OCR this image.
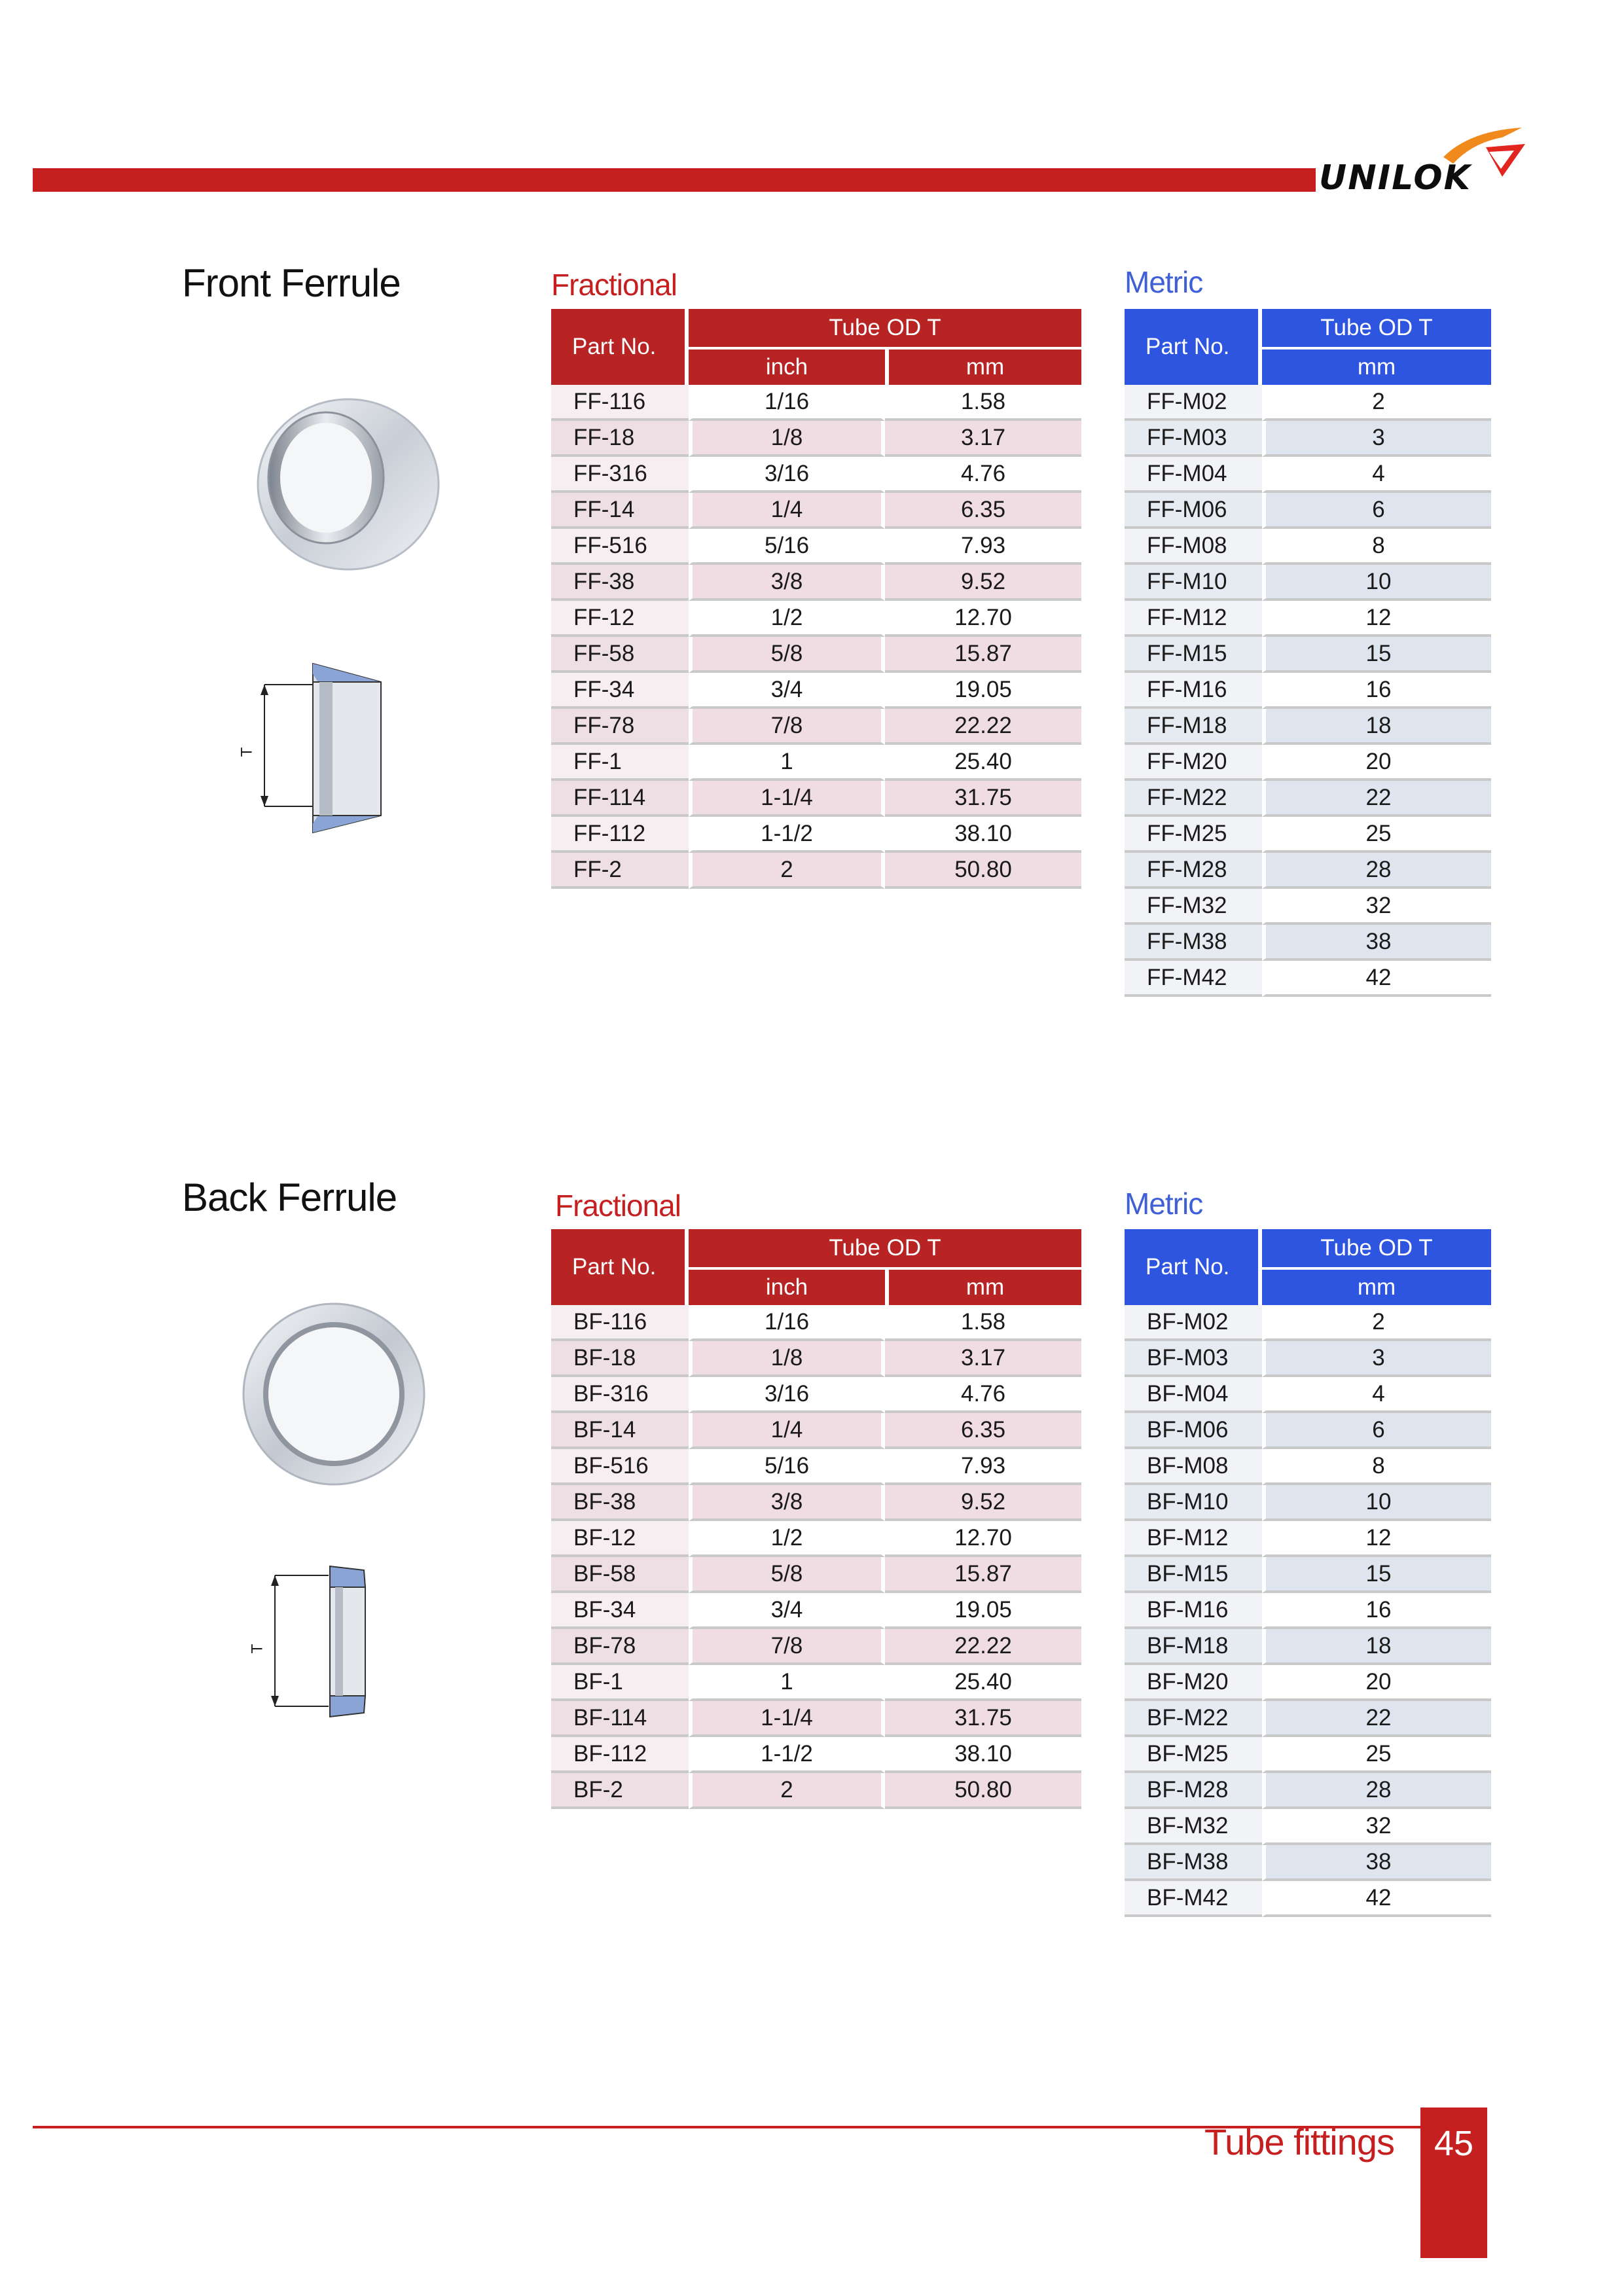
UNILOK
Front Ferrule
T
Fractional
Part No.	Tube OD T	
	inch	mm
FF-116	1/16	1.58
FF-18	1/8	3.17
FF-316	3/16	4.76
FF-14	1/4	6.35
FF-516	5/16	7.93
FF-38	3/8	9.52
FF-12	1/2	12.70
FF-58	5/8	15.87
FF-34	3/4	19.05
FF-78	7/8	22.22
FF-1	1	25.40
FF-114	1-1/4	31.75
FF-112	1-1/2	38.10
FF-2	2	50.80
Metric
Part No.	Tube OD T
	mm
FF-M02	2
FF-M03	3
FF-M04	4
FF-M06	6
FF-M08	8
FF-M10	10
FF-M12	12
FF-M15	15
FF-M16	16
FF-M18	18
FF-M20	20
FF-M22	22
FF-M25	25
FF-M28	28
FF-M32	32
FF-M38	38
FF-M42	42
Back Ferrule
T
Fractional
Part No.	Tube OD T	
	inch	mm
BF-116	1/16	1.58
BF-18	1/8	3.17
BF-316	3/16	4.76
BF-14	1/4	6.35
BF-516	5/16	7.93
BF-38	3/8	9.52
BF-12	1/2	12.70
BF-58	5/8	15.87
BF-34	3/4	19.05
BF-78	7/8	22.22
BF-1	1	25.40
BF-114	1-1/4	31.75
BF-112	1-1/2	38.10
BF-2	2	50.80
Metric
Part No.	Tube OD T
	mm
BF-M02	2
BF-M03	3
BF-M04	4
BF-M06	6
BF-M08	8
BF-M10	10
BF-M12	12
BF-M15	15
BF-M16	16
BF-M18	18
BF-M20	20
BF-M22	22
BF-M25	25
BF-M28	28
BF-M32	32
BF-M38	38
BF-M42	42
Tube fittings	45
